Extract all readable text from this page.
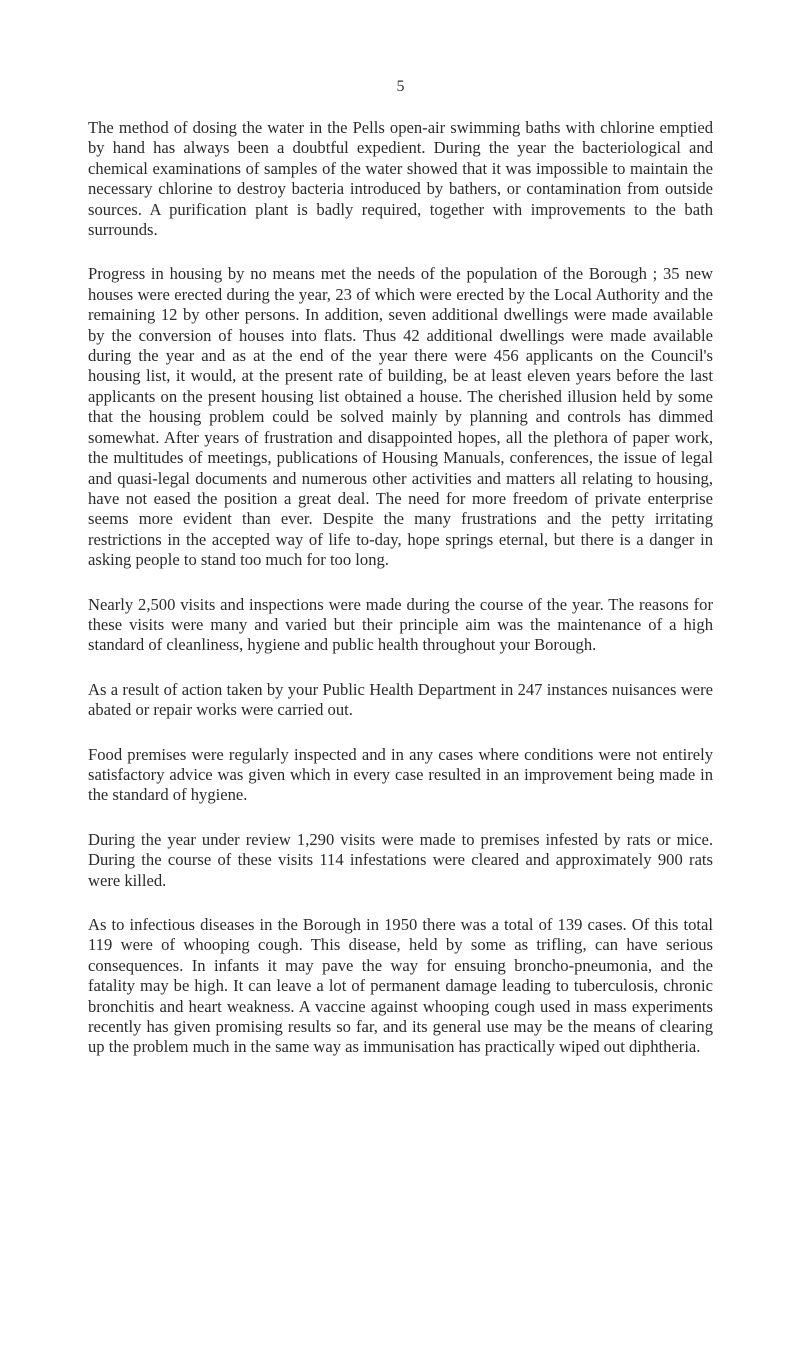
5

The method of dosing the water in the Pells open-air swimming baths with chlorine emptied by hand has always been a doubtful expedient. During the year the bacteriological and chemical examinations of samples of the water showed that it was impossible to maintain the necessary chlorine to destroy bacteria introduced by bathers, or contamination from outside sources. A purification plant is badly required, together with improvements to the bath surrounds.

Progress in housing by no means met the needs of the population of the Borough ; 35 new houses were erected during the year, 23 of which were erected by the Local Authority and the remaining 12 by other persons. In addition, seven additional dwellings were made available by the conversion of houses into flats. Thus 42 additional dwellings were made available during the year and as at the end of the year there were 456 applicants on the Council's housing list, it would, at the present rate of building, be at least eleven years before the last applicants on the present housing list obtained a house. The cherished illusion held by some that the housing problem could be solved mainly by planning and controls has dimmed somewhat. After years of frustration and disappointed hopes, all the plethora of paper work, the multitudes of meetings, publications of Housing Manuals, conferences, the issue of legal and quasi-legal documents and numerous other activities and matters all relating to housing, have not eased the position a great deal. The need for more freedom of private enterprise seems more evident than ever. Despite the many frustrations and the petty irritating restrictions in the accepted way of life to-day, hope springs eternal, but there is a danger in asking people to stand too much for too long.

Nearly 2,500 visits and inspections were made during the course of the year. The reasons for these visits were many and varied but their principle aim was the maintenance of a high standard of cleanliness, hygiene and public health throughout your Borough.

As a result of action taken by your Public Health Department in 247 instances nuisances were abated or repair works were carried out.

Food premises were regularly inspected and in any cases where conditions were not entirely satisfactory advice was given which in every case resulted in an improvement being made in the standard of hygiene.

During the year under review 1,290 visits were made to premises infested by rats or mice. During the course of these visits 114 infestations were cleared and approximately 900 rats were killed.

As to infectious diseases in the Borough in 1950 there was a total of 139 cases. Of this total 119 were of whooping cough. This disease, held by some as trifling, can have serious consequences. In infants it may pave the way for ensuing broncho-pneumonia, and the fatality may be high. It can leave a lot of permanent damage leading to tuberculosis, chronic bronchitis and heart weakness. A vaccine against whooping cough used in mass experiments recently has given promising results so far, and its general use may be the means of clearing up the problem much in the same way as immunisation has practically wiped out diphtheria.
